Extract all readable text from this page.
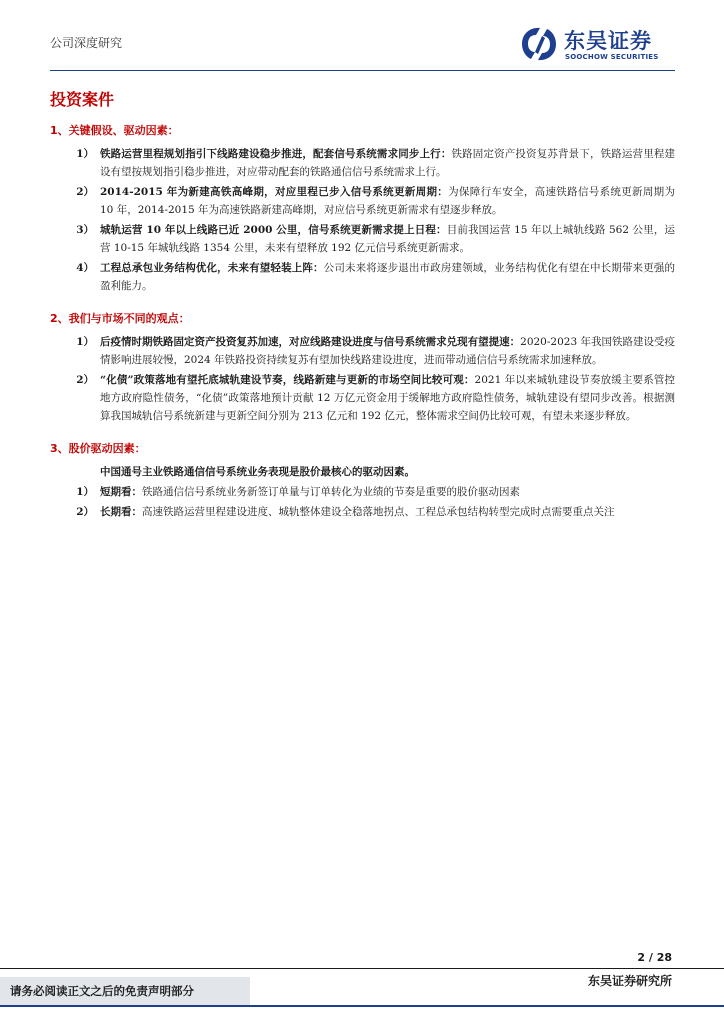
公司深度研究	东吴证券
SOOCHOW SECURITIES
投资案件
1、关键假设、驱动因素：
1） 铁路运营里程规划指引下线路建设稳步推进，配套信号系统需求同步上行：铁路固定资产投资复苏背景下，铁路运营里程建设有望按规划指引稳步推进，对应带动配套的铁路通信信号系统需求上行。
2） 2014-2015 年为新建高铁高峰期，对应里程已步入信号系统更新周期：为保障行车安全，高速铁路信号系统更新周期为 10 年，2014-2015 年为高速铁路新建高峰期，对应信号系统更新需求有望逐步释放。
3） 城轨运营 10 年以上线路已近 2000 公里，信号系统更新需求提上日程：目前我国运营 15 年以上城轨线路 562 公里，运营 10-15 年城轨线路 1354 公里，未来有望释放 192 亿元信号系统更新需求。
4） 工程总承包业务结构优化，未来有望轻装上阵：公司未来将逐步退出市政房建领域，业务结构优化有望在中长期带来更强的盈利能力。
2、我们与市场不同的观点：
1） 后疫情时期铁路固定资产投资复苏加速，对应线路建设进度与信号系统需求兑现有望提速：2020-2023 年我国铁路建设受疫情影响进展较慢，2024 年铁路投资持续复苏有望加快线路建设进度，进而带动通信信号系统需求加速释放。
2） “化债”政策落地有望托底城轨建设节奏，线路新建与更新的市场空间比较可观：2021 年以来城轨建设节奏放缓主要系管控地方政府隐性债务，“化债”政策落地预计贡献 12 万亿元资金用于缓解地方政府隐性债务，城轨建设有望同步改善。根据测算我国城轨信号系统新建与更新空间分别为 213 亿元和 192 亿元，整体需求空间仍比较可观，有望未来逐步释放。
3、股价驱动因素：
中国通号主业铁路通信信号系统业务表现是股价最核心的驱动因素。
1） 短期看：铁路通信信号系统业务新签订单量与订单转化为业绩的节奏是重要的股价驱动因素
2） 长期看：高速铁路运营里程建设进度、城轨整体建设全稳落地拐点、工程总承包结构转型完成时点需要重点关注
2 / 28
请务必阅读正文之后的免责声明部分
东吴证券研究所
